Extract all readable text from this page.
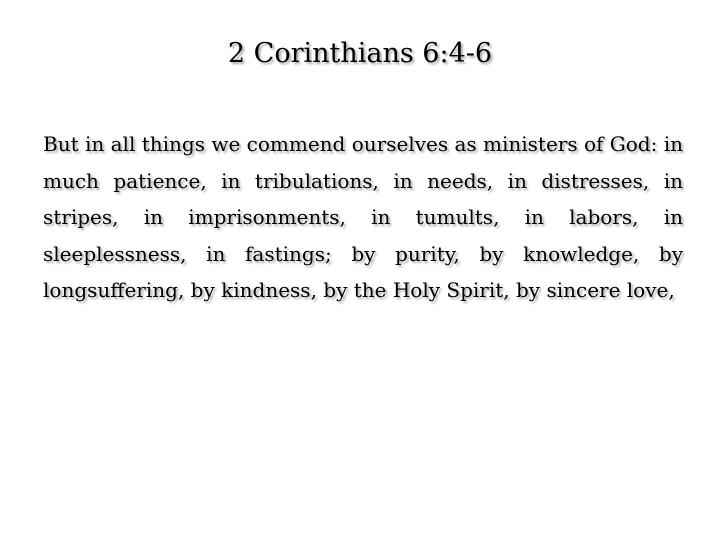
2 Corinthians 6:4-6

But in all things we commend ourselves as ministers of God: in much patience, in tribulations, in needs, in distresses, in stripes, in imprisonments, in tumults, in labors, in sleeplessness, in fastings; by purity, by knowledge, by longsuffering, by kindness, by the Holy Spirit, by sincere love,
